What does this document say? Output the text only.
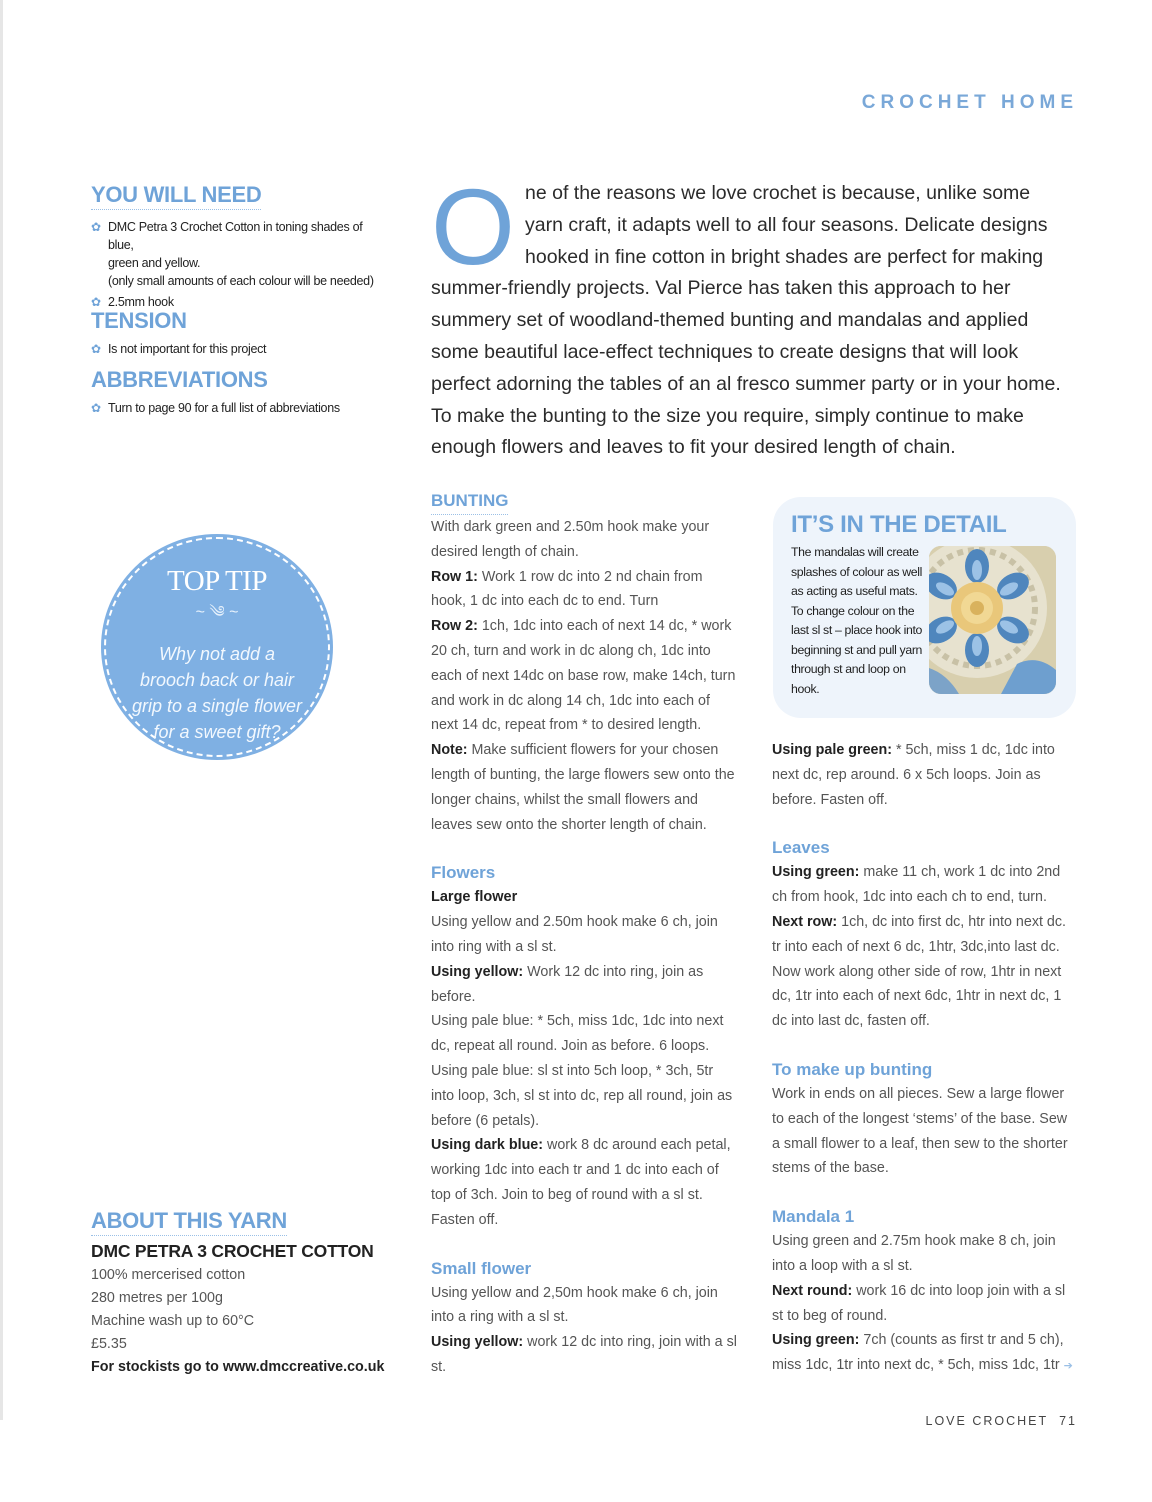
CROCHET HOME
YOU WILL NEED
✿ DMC Petra 3 Crochet Cotton in toning shades of blue,
green and yellow.
(only small amounts of each colour will be needed)
✿ 2.5mm hook
TENSION
✿ Is not important for this project
ABBREVIATIONS
✿ Turn to page 90 for a full list of abbreviations
TOP TIP
~ ༄ ~
Why not add a
brooch back or hair
grip to a single flower
for a sweet gift?
One of the reasons we love crochet is because, unlike some yarn craft, it adapts well to all four seasons. Delicate designs hooked in fine cotton in bright shades are perfect for making summer-friendly projects. Val Pierce has taken this approach to her summery set of woodland-themed bunting and mandalas and applied some beautiful lace-effect techniques to create designs that will look perfect adorning the tables of an al fresco summer party or in your home. To make the bunting to the size you require, simply continue to make enough flowers and leaves to fit your desired length of chain.
BUNTING

With dark green and 2.50m hook make your desired length of chain.

Row 1: Work 1 row dc into 2 nd chain from hook, 1 dc into each dc to end. Turn

Row 2: 1ch, 1dc into each of next 14 dc, * work 20 ch, turn and work in dc along ch, 1dc into each of next 14dc on base row, make 14ch, turn and work in dc along 14 ch, 1dc into each of next 14 dc, repeat from * to desired length.

Note: Make sufficient flowers for your chosen length of bunting, the large flowers sew onto the longer chains, whilst the small flowers and leaves sew onto the shorter length of chain.

Flowers

Large flower

Using yellow and 2.50m hook make 6 ch, join into ring with a sl st.

Using yellow: Work 12 dc into ring, join as before.

Using pale blue: * 5ch, miss 1dc, 1dc into next dc, repeat all round. Join as before. 6 loops.

Using pale blue: sl st into 5ch loop, * 3ch, 5tr into loop, 3ch, sl st into dc, rep all round, join as before (6 petals).

Using dark blue: work 8 dc around each petal, working 1dc into each tr and 1 dc into each of top of 3ch. Join to beg of round with a sl st. Fasten off.

Small flower

Using yellow and 2,50m hook make 6 ch, join into a ring with a sl st.

Using yellow: work 12 dc into ring, join with a sl st.

IT’S IN THE DETAIL
The mandalas will create splashes of colour as well as acting as useful mats. To change colour on the last sl st – place hook into beginning st and pull yarn through st and loop on hook.

Using pale green: * 5ch, miss 1 dc, 1dc into next dc, rep around. 6 x 5ch loops. Join as before. Fasten off.

Leaves

Using green: make 11 ch, work 1 dc into 2nd ch from hook, 1dc into each ch to end, turn.

Next row: 1ch, dc into first dc, htr into next dc. tr into each of next 6 dc, 1htr, 3dc,into last dc. Now work along other side of row, 1htr in next dc, 1tr into each of next 6dc, 1htr in next dc, 1 dc into last dc, fasten off.

To make up bunting

Work in ends on all pieces. Sew a large flower to each of the longest ‘stems’ of the base. Sew a small flower to a leaf, then sew to the shorter stems of the base.

Mandala 1

Using green and 2.75m hook make 8 ch, join into a loop with a sl st.

Next round: work 16 dc into loop join with a sl st to beg of round.

Using green: 7ch (counts as first tr and 5 ch), miss 1dc, 1tr into next dc, * 5ch, miss 1dc, 1tr ➔

ABOUT THIS YARN
DMC PETRA 3 CROCHET COTTON

100% mercerised cotton

280 metres per 100g

Machine wash up to 60°C

£5.35

For stockists go to www.dmccreative.co.uk

LOVE CROCHET 71
